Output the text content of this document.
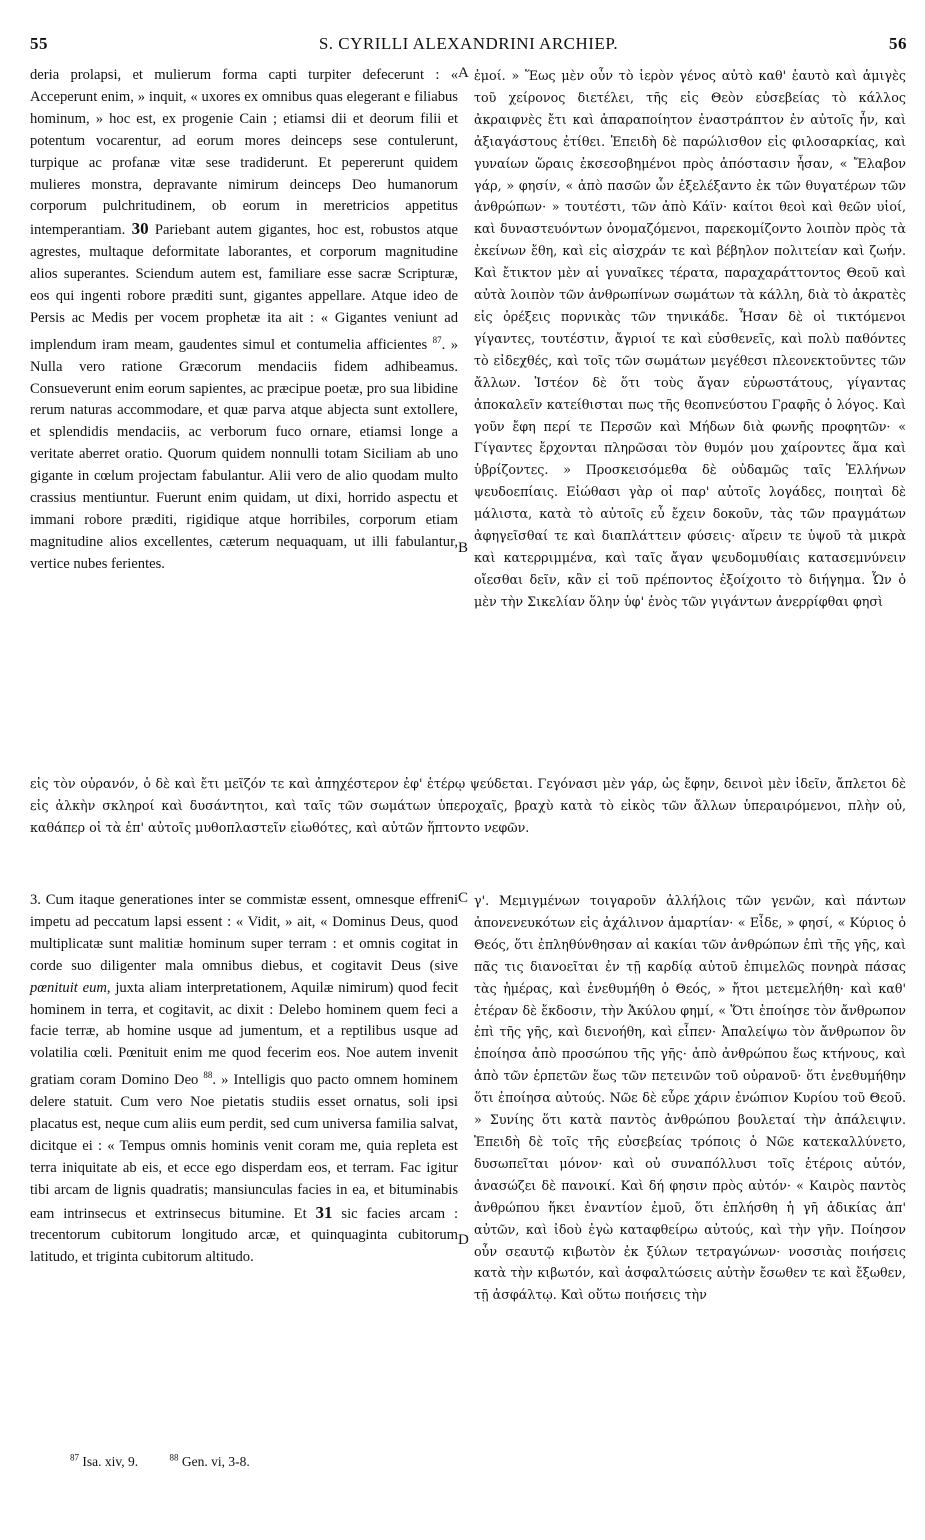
55	S. CYRILLI ALEXANDRINI ARCHIEP.	56

deria prolapsi, et mulierum forma capti turpiter defecerunt : « Acceperunt enim, » inquit, « uxores ex omnibus quas elegerant e filiabus hominum, » hoc est, ex progenie Cain ; etiamsi dii et deorum filii et potentum vocarentur, ad eorum mores deinceps sese contulerunt, turpique ac profanæ vitæ sese tradiderunt. Et pepererunt quidem mulieres monstra, depravante nimirum deinceps Deo humanorum corporum pulchritudinem, ob eorum in meretricios appetitus intemperantiam. 30 Pariebant autem gigantes, hoc est, robustos atque agrestes, multaque deformitate laborantes, et corporum magnitudine alios superantes. Sciendum autem est, familiare esse sacræ Scripturæ, eos qui ingenti robore præditi sunt, gigantes appellare. Atque ideo de Persis ac Medis per vocem prophetæ ita ait : « Gigantes veniunt ad implendum iram meam, gaudentes simul et contumelia afficientes $^{87}$. » Nulla vero ratione Græcorum mendaciis fidem adhibeamus. Consueverunt enim eorum sapientes, ac præcipue poetæ, pro sua libidine rerum naturas accommodare, et quæ parva atque abjecta sunt extollere, et splendidis mendaciis, ac verborum fuco ornare, etiamsi longe a veritate aberret oratio. Quorum quidem nonnulli totam Siciliam ab uno gigante in cœlum projectam fabulantur. Alii vero de alio quodam multo crassius mentiuntur. Fuerunt enim quidam, ut dixi, horrido aspectu et immani robore præditi, rigidique atque horribiles, corporum etiam magnitudine alios excellentes, cæterum nequaquam, ut illi fabulantur, vertice nubes ferientes.

A
B
C
D

ἐμοί. » Ἕως μὲν οὖν τὸ ἱερὸν γένος αὐτὸ καθ' ἑαυτὸ καὶ ἀμιγὲς τοῦ χείρονος διετέλει, τῆς εἰς Θεὸν εὐσεβείας τὸ κάλλος ἀκραιφνὲς ἔτι καὶ ἀπαραποίητον ἐναστράπτον ἐν αὐτοῖς ἦν, καὶ ἀξιαγάστους ἐτίθει. Ἐπειδὴ δὲ παρώλισθον εἰς φιλοσαρκίας, καὶ γυναίων ὥραις ἐκσεσοβημένοι πρὸς ἀπόστασιν ἦσαν, « Ἔλαβον γάρ, » φησίν, « ἀπὸ πασῶν ὧν ἐξελέξαντο ἐκ τῶν θυγατέρων τῶν ἀνθρώπων· » τουτέστι, τῶν ἀπὸ Κάϊν· καίτοι θεοὶ καὶ θεῶν υἱοί, καὶ δυναστευόντων ὀνομαζόμενοι, παρεκομίζοντο λοιπὸν πρὸς τὰ ἐκείνων ἔθη, καὶ εἰς αἰσχράν τε καὶ βέβηλον πολιτείαν καὶ ζωήν. Καὶ ἔτικτον μὲν αἱ γυναῖκες τέρατα, παραχαράττοντος Θεοῦ καὶ αὐτὰ λοιπὸν τῶν ἀνθρωπίνων σωμάτων τὰ κάλλη, διὰ τὸ ἀκρατὲς εἰς ὀρέξεις πορνικὰς τῶν τηνικάδε. Ἦσαν δὲ οἱ τικτόμενοι γίγαντες, τουτέστιν, ἄγριοί τε καὶ εὐσθενεῖς, καὶ πολὺ παθόντες τὸ εἰδεχθές, καὶ τοῖς τῶν σωμάτων μεγέθεσι πλεονεκτοῦντες τῶν ἄλλων. Ἰστέον δὲ ὅτι τοὺς ἄγαν εὐρωστάτους, γίγαντας ἀποκαλεῖν κατείθισται πως τῆς θεοπνεύστου Γραφῆς ὁ λόγος. Καὶ γοῦν ἔφη περί τε Περσῶν καὶ Μήδων διὰ φωνῆς προφητῶν· « Γίγαντες ἔρχονται πληρῶσαι τὸν θυμόν μου χαίροντες ἅμα καὶ ὑβρίζοντες. » Προσκεισόμεθα δὲ οὐδαμῶς ταῖς Ἑλλήνων ψευδοεπίαις. Εἰώθασι γὰρ οἱ παρ' αὐτοῖς λογάδες, ποιηταὶ δὲ μάλιστα, κατὰ τὸ αὐτοῖς εὖ ἔχειν δοκοῦν, τὰς τῶν πραγμάτων ἀφηγεῖσθαί τε καὶ διαπλάττειν φύσεις· αἴρειν τε ὑψοῦ τὰ μικρὰ καὶ κατερριμμένα, καὶ ταῖς ἄγαν ψευδομυθίαις κατασεμνύνειν οἴεσθαι δεῖν, κἂν εἰ τοῦ πρέποντος ἐξοίχοιτο τὸ διήγημα. Ὧν ὁ μὲν τὴν Σικελίαν ὅλην ὑφ' ἑνὸς τῶν γιγάντων ἀνερρίφθαι φησὶ

εἰς τὸν οὐρανόν, ὁ δὲ καὶ ἔτι μεῖζόν τε καὶ ἀπηχέστερον ἐφ' ἑτέρῳ ψεύδεται. Γεγόνασι μὲν γάρ, ὡς ἔφην, δεινοὶ μὲν ἰδεῖν, ἄπλετοι δὲ εἰς ἀλκὴν σκληροί καὶ δυσάντητοι, καὶ ταῖς τῶν σωμάτων ὑπεροχαῖς, βραχὺ κατὰ τὸ εἰκὸς τῶν ἄλλων ὑπεραιρόμενοι, πλὴν οὐ, καθάπερ οἱ τὰ ἐπ' αὐτοῖς μυθοπλαστεῖν εἰωθότες, καὶ αὐτῶν ἥπτοντο νεφῶν.

3. Cum itaque generationes inter se commistæ essent, omnesque effreni impetu ad peccatum lapsi essent : « Vidit, » ait, « Dominus Deus, quod multiplicatæ sunt malitiæ hominum super terram : et omnis cogitat in corde suo diligenter mala omnibus diebus, et cogitavit Deus (sive pœnituit eum, juxta aliam interpretationem, Aquilæ nimirum) quod fecit hominem in terra, et cogitavit, ac dixit : Delebo hominem quem feci a facie terræ, ab homine usque ad jumentum, et a reptilibus usque ad volatilia cœli. Pœnituit enim me quod fecerim eos. Noe autem invenit gratiam coram Domino Deo $^{88}$. » Intelligis quo pacto omnem hominem delere statuit. Cum vero Noe pietatis studiis esset ornatus, soli ipsi placatus est, neque cum aliis eum perdit, sed cum universa familia salvat, dicitque ei : « Tempus omnis hominis venit coram me, quia repleta est terra iniquitate ab eis, et ecce ego disperdam eos, et terram. Fac igitur tibi arcam de lignis quadratis; mansiunculas facies in ea, et bituminabis eam intrinsecus et extrinsecus bitumine. Et 31 sic facies arcam : trecentorum cubitorum longitudo arcæ, et quinquaginta cubitorum latitudo, et triginta cubitorum altitudo.

γ'. Μεμιγμένων τοιγαροῦν ἀλλήλοις τῶν γενῶν, καὶ πάντων ἀπονενευκότων εἰς ἀχάλινον ἁμαρτίαν· « Εἶδε, » φησί, « Κύριος ὁ Θεός, ὅτι ἐπληθύνθησαν αἱ κακίαι τῶν ἀνθρώπων ἐπὶ τῆς γῆς, καὶ πᾶς τις διανοεῖται ἐν τῇ καρδίᾳ αὐτοῦ ἐπιμελῶς πονηρὰ πάσας τὰς ἡμέρας, καὶ ἐνεθυμήθη ὁ Θεός, » ἤτοι μετεμελήθη· καὶ καθ' ἑτέραν δὲ ἔκδοσιν, τὴν Ἀκύλου φημί, « Ὅτι ἐποίησε τὸν ἄνθρωπον ἐπὶ τῆς γῆς, καὶ διενοήθη, καὶ εἶπεν· Ἀπαλείψω τὸν ἄνθρωπον ὃν ἐποίησα ἀπὸ προσώπου τῆς γῆς· ἀπὸ ἀνθρώπου ἕως κτήνους, καὶ ἀπὸ τῶν ἑρπετῶν ἕως τῶν πετεινῶν τοῦ οὐρανοῦ· ὅτι ἐνεθυμήθην ὅτι ἐποίησα αὐτούς. Νῶε δὲ εὗρε χάριν ἐνώπιον Κυρίου τοῦ Θεοῦ. » Συνίης ὅτι κατὰ παντὸς ἀνθρώπου βουλεταί τὴν ἀπάλειψιν. Ἐπειδὴ δὲ τοῖς τῆς εὐσεβείας τρόποις ὁ Νῶε κατεκαλλύνετο, δυσωπεῖται μόνον· καὶ οὐ συναπόλλυσι τοῖς ἑτέροις αὐτόν, ἀνασώζει δὲ πανοικί. Καὶ δή φησιν πρὸς αὐτόν· « Καιρὸς παντὸς ἀνθρώπου ἥκει ἐναντίον ἐμοῦ, ὅτι ἐπλήσθη ἡ γῆ ἀδικίας ἀπ' αὐτῶν, καὶ ἰδοὺ ἐγὼ καταφθείρω αὐτούς, καὶ τὴν γῆν. Ποίησον οὖν σεαυτῷ κιβωτὸν ἐκ ξύλων τετραγώνων· νοσσιὰς ποιήσεις κατὰ τὴν κιβωτόν, καὶ ἀσφαλτώσεις αὐτὴν ἔσωθεν τε καὶ ἔξωθεν, τῇ ἀσφάλτῳ. Καὶ οὕτω ποιήσεις τὴν

$^{87}$ Isa. xiv, 9.	$^{88}$ Gen. vi, 3-8.
